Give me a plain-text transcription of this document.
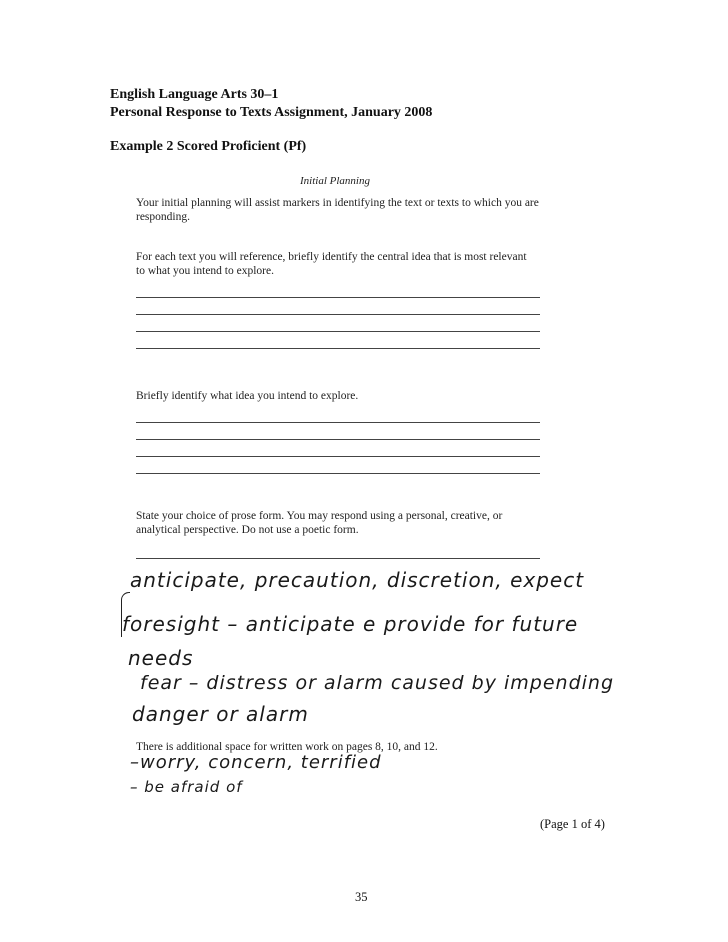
English Language Arts 30–1
Personal Response to Texts Assignment, January 2008
Example 2 Scored Proficient (Pf)
Initial Planning
Your initial planning will assist markers in identifying the text or texts to which you are responding.
For each text you will reference, briefly identify the central idea that is most relevant to what you intend to explore.
Briefly identify what idea you intend to explore.
State your choice of prose form. You may respond using a personal, creative, or analytical perspective. Do not use a poetic form.
anticipate, precaution, discretion, expect
foresight – anticipate e provide for future
needs
fear – distress or alarm caused by impending
danger or alarm
There is additional space for written work on pages 8, 10, and 12.
–worry, concern, terrified
– be afraid of
(Page 1 of 4)
35
